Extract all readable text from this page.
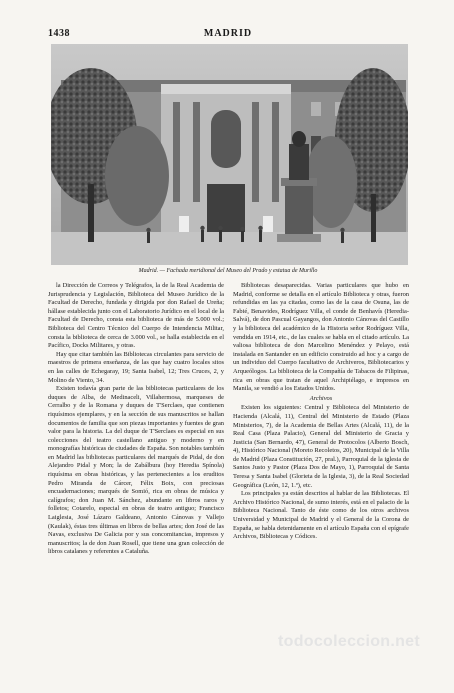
1438	MADRID
Madrid. — Fachada meridional del Museo del Prado y estatua de Murillo

la Dirección de Correos y Telégrafos, la de la Real Academia de Jurisprudencia y Legislación, Biblioteca del Museo Jurídico de la Facultad de Derecho, fundada y dirigida por don Rafael de Ureña; hállase establecida junto con el Laboratorio Jurídico en el local de la Facultad de Derecho, consta esta biblioteca de más de 5.000 vol.; Biblioteca del Centro Técnico del Cuerpo de Intendencia Militar, consta la biblioteca de cerca de 3.000 vol., se halla establecida en el Pacífico, Docks Militares, y otras.

Hay que citar también las Bibliotecas circulantes para servicio de maestros de primera enseñanza, de las que hay cuatro locales sitos en las calles de Echegaray, 19; Santa Isabel, 12; Tres Cruces, 2, y Molino de Viento, 34.

Existen todavía gran parte de las bibliotecas particulares de los duques de Alba, de Medinaceli, Villahermosa, marqueses de Cerralbo y de la Romana y duques de T'Serclaes, que contienen riquísimos ejemplares, y en la sección de sus manuscritos se hallan documentos de familia que son piezas importantes y fuentes de gran valor para la historia. La del duque de T'Serclaes es especial en sus colecciones del teatro castellano antiguo y moderno y en monografías históricas de ciudades de España. Son notables también en Madrid las bibliotecas particulares del marqués de Pidal, de don Alejandro Pidal y Mon; la de Zabálbura (hoy Heredia Spínola) riquísima en obras históricas, y las pertenecientes a los eruditos Pedro Miranda de Cárcer, Félix Boix, con preciosas encuadernaciones; marqués de Somió, rica en obras de música y calígrafos; don Juan M. Sánchez, abundante en libros raros y folletos; Cotarelo, especial en obras de teatro antiguo; Francisco Laiglesia, José Lázaro Galdeano, Antonio Cánovas y Vallejo (Kaulak), éstas tres últimas en libros de bellas artes; don José de las Navas, exclusiva De Galicia por y sus concomitancias, impresos y manuscritos; la de don Juan Rosell, que tiene una gran colección de libros catalanes y referentes a Cataluña.

Bibliotecas desaparecidas. Varias particulares que hubo en Madrid, conforme se detalla en el artículo Biblioteca y otras, fueron refundidas en las ya citadas, como las de la casa de Osuna, las de Fabié, Benavides, Rodríguez Villa, el conde de Benhavís (Heredia-Salvá), de don Pascual Gayangos, don Antonio Cánovas del Castillo y la biblioteca del académico de la Historia señor Rodríguez Villa, vendida en 1914, etc., de las cuales se habla en el citado artículo. La valiosa biblioteca de don Marcelino Menéndez y Pelayo, está instalada en Santander en un edificio construido ad hoc y a cargo de un individuo del Cuerpo facultativo de Archiveros, Bibliotecarios y Arqueólogos. La biblioteca de la Compañía de Tabacos de Filipinas, rica en obras que tratan de aquel Archipiélago, e impresos en Manila, se vendió a los Estados Unidos.

Archivos

Existen los siguientes: Central y Biblioteca del Ministerio de Hacienda (Alcalá, 11), Central del Ministerio de Estado (Plaza Ministerios, 7), de la Academia de Bellas Artes (Alcalá, 11), de la Real Casa (Plaza Palacio), General del Ministerio de Gracia y Justicia (San Bernardo, 47), General de Protocolos (Alberto Bosch, 4), Histórico Nacional (Moreto Recoletos, 20), Municipal de la Villa de Madrid (Plaza Constitución, 27, pral.), Parroquial de la iglesia de Santos Justo y Pastor (Plaza Dos de Mayo, 1), Parroquial de Santa Teresa y Santa Isabel (Glorieta de la Iglesia, 3), de la Real Sociedad Geográfica (León, 12, 1.º), etc.

Los principales ya están descritos al hablar de las Bibliotecas. El Archivo Histórico Nacional, de sumo interés, está en el palacio de la Biblioteca Nacional. Tanto de éste como de los otros archivos Universidad y Municipal de Madrid y el General de la Corona de España, se habla detenidamente en el artículo España con el epígrafe Archivos, Bibliotecas y Códices.

todocoleccion.net
